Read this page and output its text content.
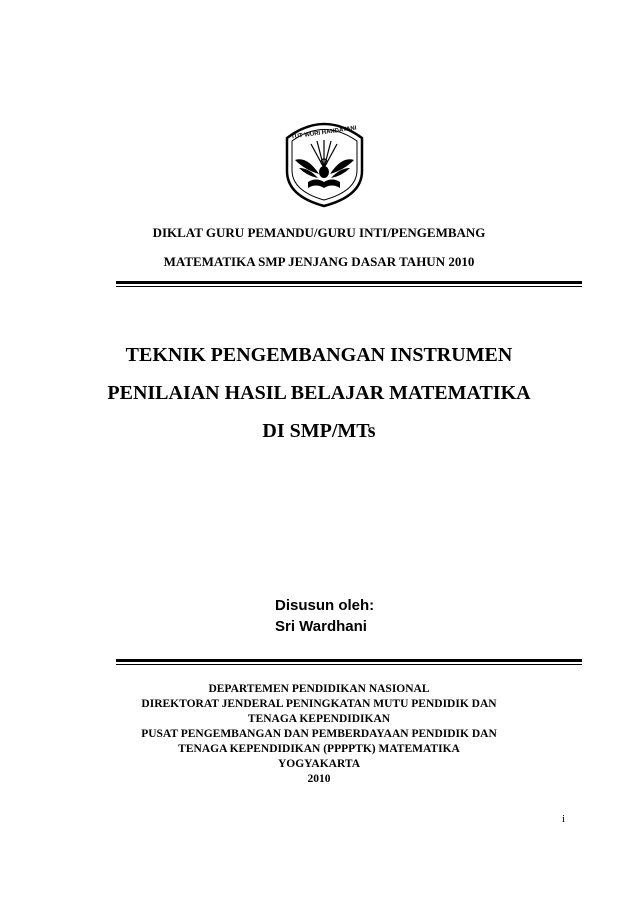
TUT WURI HANDAYANI
DIKLAT GURU PEMANDU/GURU INTI/PENGEMBANG
MATEMATIKA SMP JENJANG DASAR TAHUN 2010
TEKNIK PENGEMBANGAN INSTRUMEN
PENILAIAN HASIL BELAJAR MATEMATIKA
DI SMP/MTs
Disusun oleh:
Sri Wardhani
DEPARTEMEN PENDIDIKAN NASIONAL
DIREKTORAT JENDERAL PENINGKATAN MUTU PENDIDIK DAN
TENAGA KEPENDIDIKAN
PUSAT PENGEMBANGAN DAN PEMBERDAYAAN PENDIDIK DAN
TENAGA KEPENDIDIKAN (PPPPTK) MATEMATIKA
YOGYAKARTA
2010
i
